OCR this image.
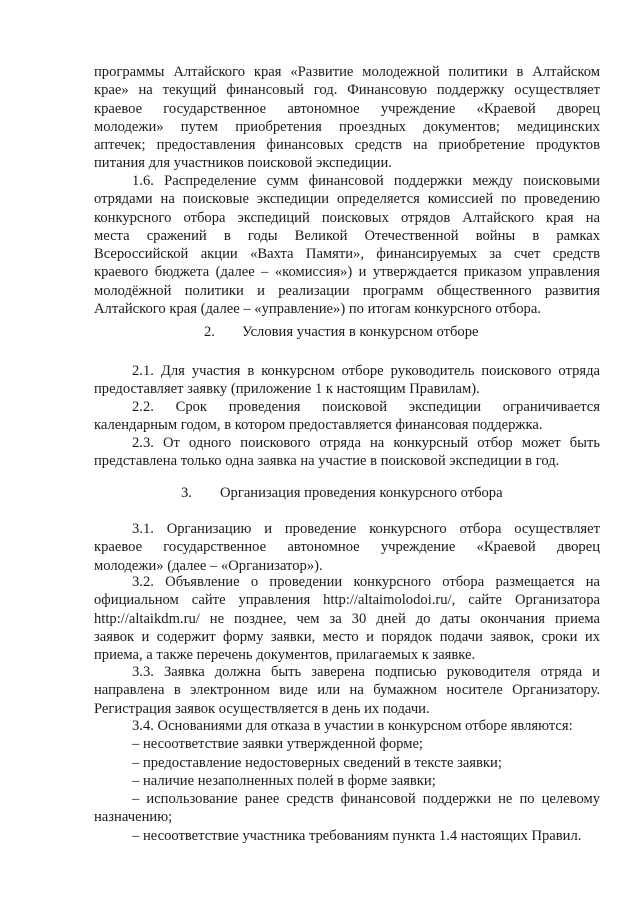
программы Алтайского края «Развитие молодежной политики в Алтайском
крае» на текущий финансовый год. Финансовую поддержку осуществляет
краевое государственное автономное учреждение «Краевой дворец
молодежи» путем приобретения проездных документов; медицинских
аптечек; предоставления финансовых средств на приобретение продуктов
питания для участников поисковой экспедиции.
1.6. Распределение сумм финансовой поддержки между поисковыми
отрядами на поисковые экспедиции определяется комиссией по проведению
конкурсного отбора экспедиций поисковых отрядов Алтайского края на
места сражений в годы Великой Отечественной войны в рамках
Всероссийской акции «Вахта Памяти», финансируемых за счет средств
краевого бюджета (далее – «комиссия») и утверждается приказом управления
молодёжной политики и реализации программ общественного развития
Алтайского края (далее – «управление») по итогам конкурсного отбора.
2. Условия участия в конкурсном отборе
2.1. Для участия в конкурсном отборе руководитель поискового отряда
предоставляет заявку (приложение 1 к настоящим Правилам).
2.2. Срок проведения поисковой экспедиции ограничивается
календарным годом, в котором предоставляется финансовая поддержка.
2.3. От одного поискового отряда на конкурсный отбор может быть
представлена только одна заявка на участие в поисковой экспедиции в год.
3. Организация проведения конкурсного отбора
3.1. Организацию и проведение конкурсного отбора осуществляет
краевое государственное автономное учреждение «Краевой дворец
молодежи» (далее – «Организатор»).
3.2. Объявление о проведении конкурсного отбора размещается на
официальном сайте управления http://altaimolodoi.ru/, сайте Организатора
http://altaikdm.ru/ не позднее, чем за 30 дней до даты окончания приема
заявок и содержит форму заявки, место и порядок подачи заявок, сроки их
приема, а также перечень документов, прилагаемых к заявке.
3.3. Заявка должна быть заверена подписью руководителя отряда и
направлена в электронном виде или на бумажном носителе Организатору.
Регистрация заявок осуществляется в день их подачи.
3.4. Основаниями для отказа в участии в конкурсном отборе являются:
– несоответствие заявки утвержденной форме;
– предоставление недостоверных сведений в тексте заявки;
– наличие незаполненных полей в форме заявки;
– использование ранее средств финансовой поддержки не по целевому
назначению;
– несоответствие участника требованиям пункта 1.4 настоящих Правил.
